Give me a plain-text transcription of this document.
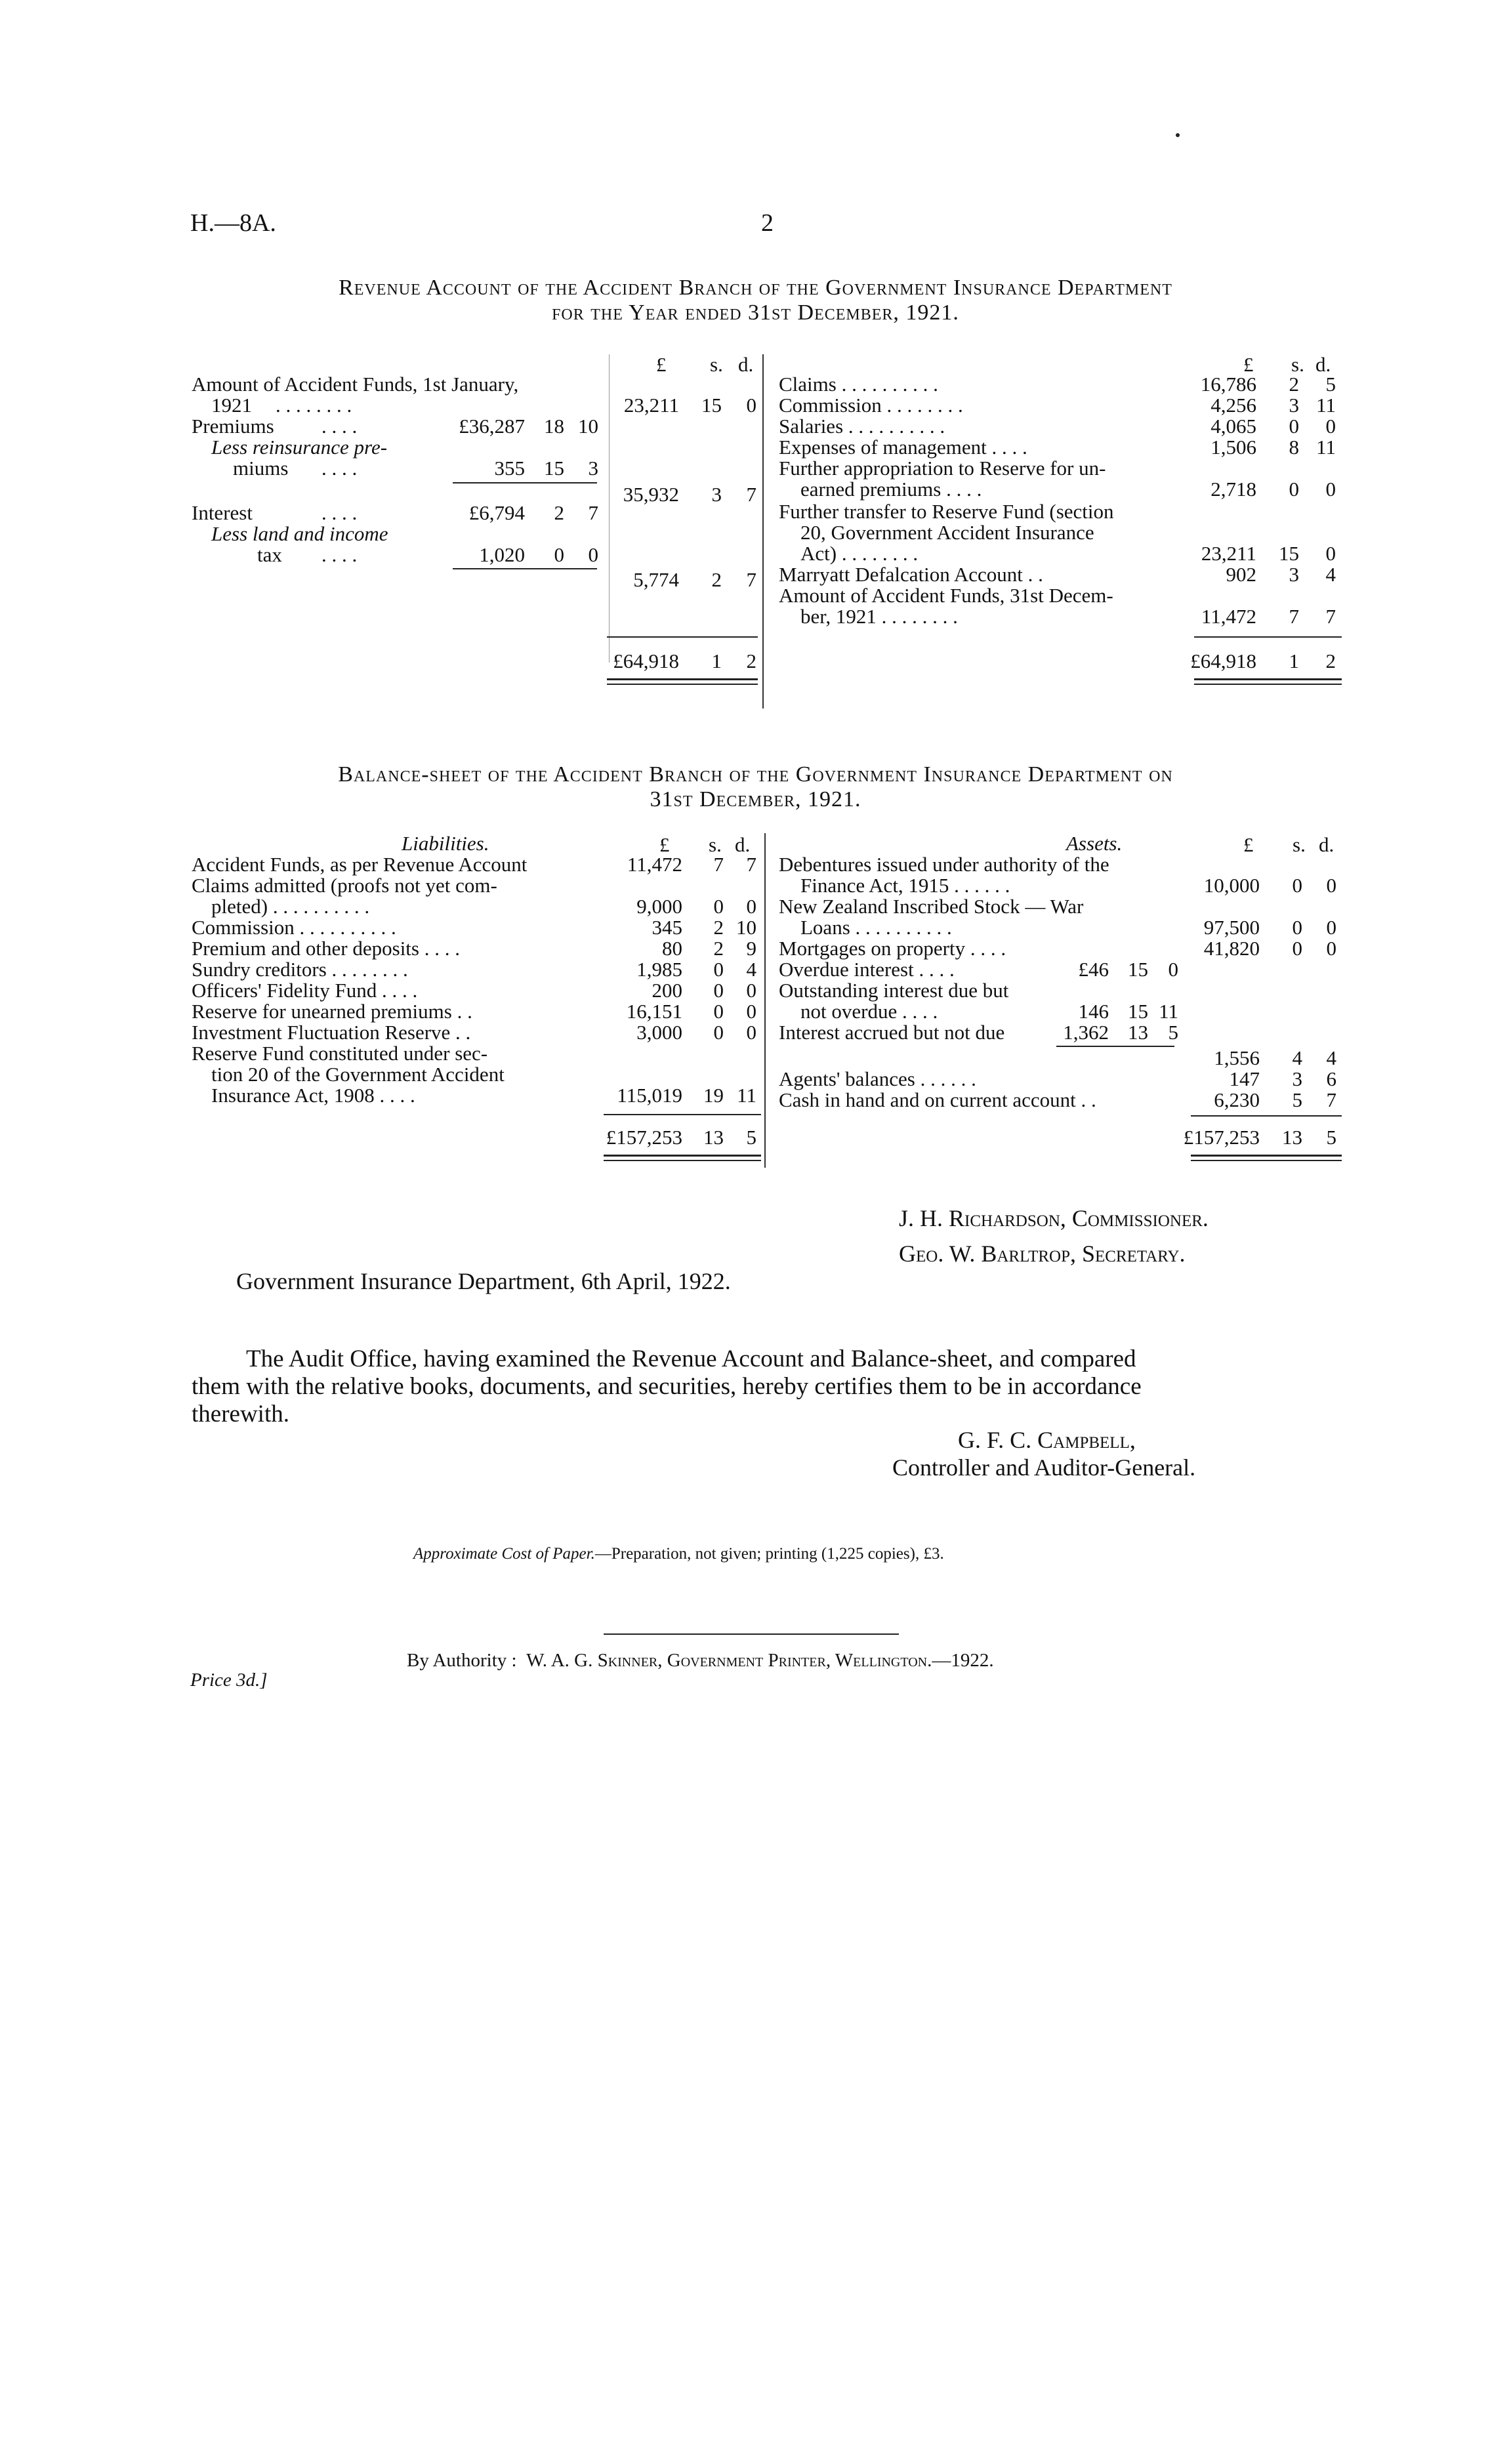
H.—8A.	2
Revenue Account of the Accident Branch of the Government Insurance Department
for the Year ended 31st December, 1921.
£ s. d.	£ s. d.
Amount of Accident Funds, 1st January,
1921 . . . . . . . .	23,211 15 0
Premiums . . . .	£36,287 18 10
Less reinsurance pre-
miums . . . .	355 15 3
35,932 3 7
Interest	. . . .	£6,794 2 7
Less land and income
tax . . . .	1,020 0 0
5,774 2 7
£64,918 1 2
Claims . . . . . . . . . .	16,786 2 5
Commission . . . . . . . .	4,256 3 11
Salaries . . . . . . . . . .	4,065 0 0
Expenses of management . . . .	1,506 8 11
Further appropriation to Reserve for un-
earned premiums . . . .	2,718 0 0
Further transfer to Reserve Fund (section
20, Government Accident Insurance
Act) . . . . . . . .	23,211 15 0
Marryatt Defalcation Account . .	902 3 4
Amount of Accident Funds, 31st Decem-
ber, 1921 . . . . . . . .	11,472 7 7
£64,918 1 2
Balance-sheet of the Accident Branch of the Government Insurance Department on
31st December, 1921.
Liabilities.	£ s. d.	Assets.	£ s. d.
Accident Funds, as per Revenue Account	11,472 7 7
Claims admitted (proofs not yet com-
pleted) . . . . . . . . . .	9,000 0 0
Commission . . . . . . . . . .	345 2 10
Premium and other deposits . . . .	80 2 9
Sundry creditors . . . . . . . .	1,985 0 4
Officers' Fidelity Fund . . . .	200 0 0
Reserve for unearned premiums . .	16,151 0 0
Investment Fluctuation Reserve . .	3,000 0 0
Reserve Fund constituted under sec-
tion 20 of the Government Accident
Insurance Act, 1908 . . . .	115,019 19 11
£157,253 13 5
Debentures issued under authority of the
Finance Act, 1915 . . . . . .	10,000 0 0
New Zealand Inscribed Stock — War
Loans . . . . . . . . . .	97,500 0 0
Mortgages on property . . . .	41,820 0 0
Overdue interest . . . .	£46 15 0
Outstanding interest due but
not overdue . . . .	146 15 11
Interest accrued but not due	1,362 13 5
1,556 4 4
Agents' balances . . . . . .	147 3 6
Cash in hand and on current account . .	6,230 5 7
£157,253 13 5
J. H. Richardson, Commissioner.
Geo. W. Barltrop, Secretary.
Government Insurance Department, 6th April, 1922.
The Audit Office, having examined the Revenue Account and Balance-sheet, and compared
them with the relative books, documents, and securities, hereby certifies them to be in accordance
therewith.
G. F. C. Campbell,
Controller and Auditor-General.
Approximate Cost of Paper.—Preparation, not given; printing (1,225 copies), £3.
Price 3d.]
By Authority : W. A. G. Skinner, Government Printer, Wellington.—1922.
